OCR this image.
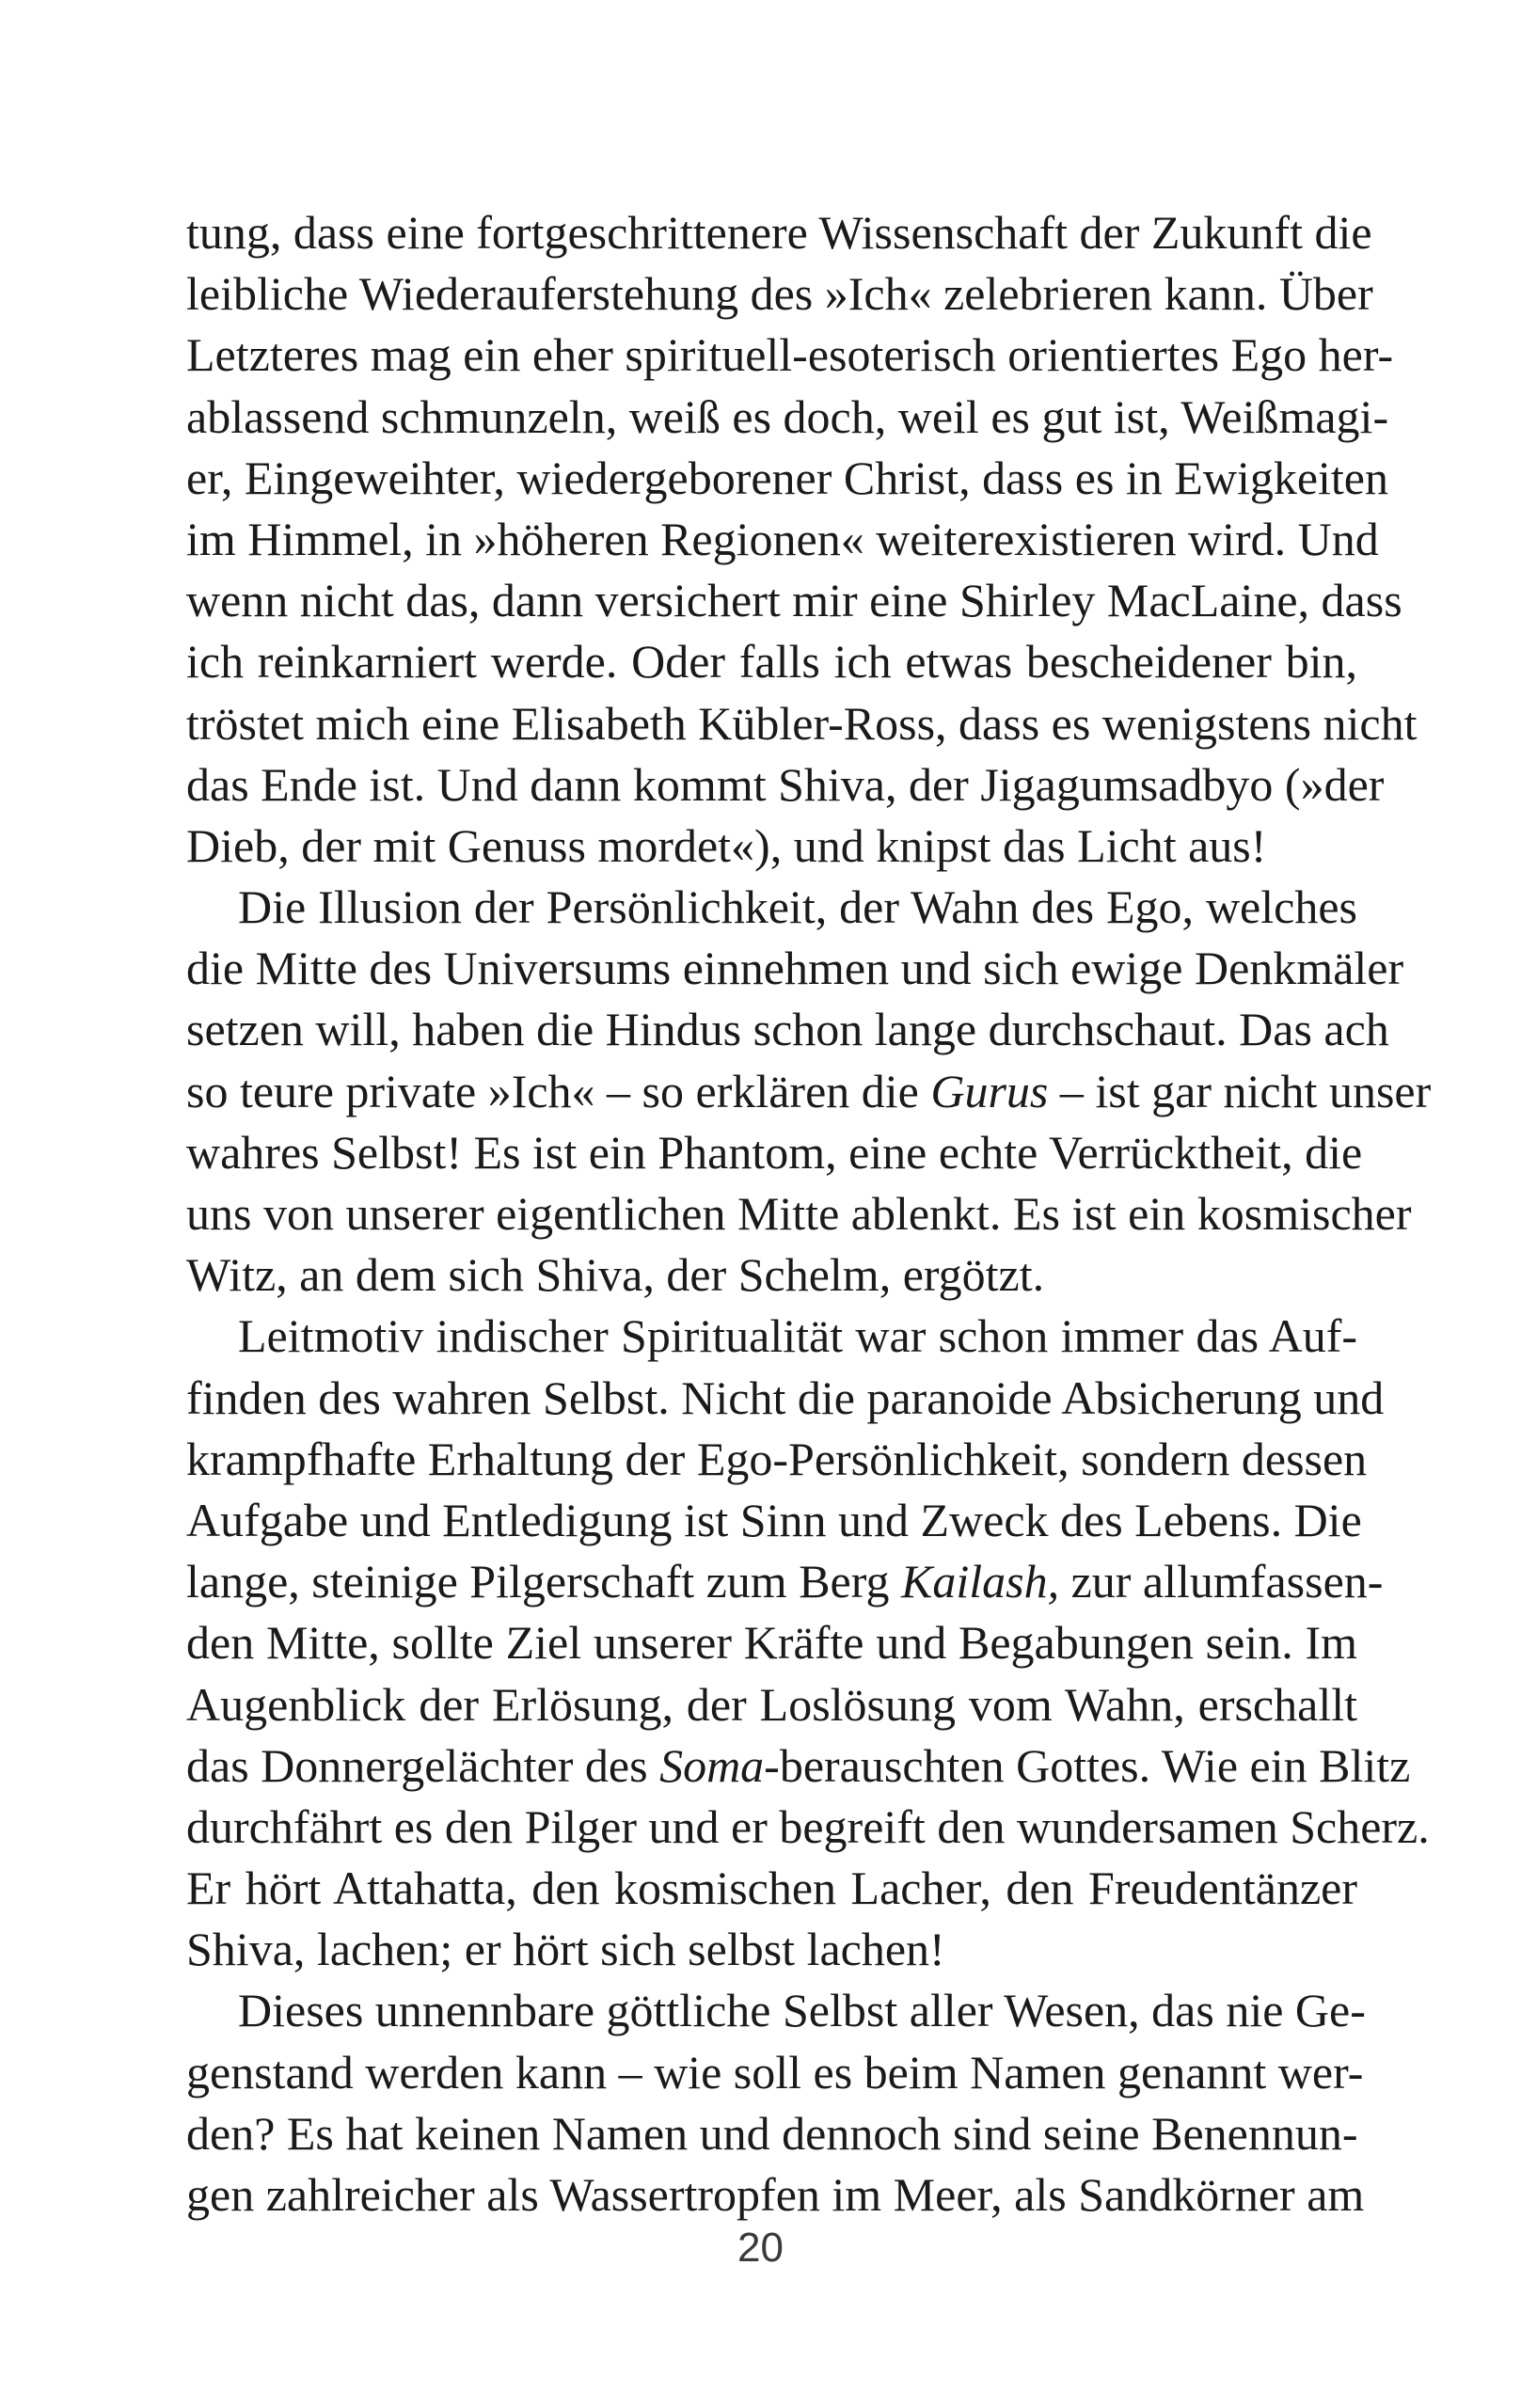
tung, dass eine fortgeschrittenere Wissenschaft der Zukunft die
leibliche Wiederauferstehung des »Ich« zelebrieren kann. Über
Letzteres mag ein eher spirituell-esoterisch orientiertes Ego her-
ablassend schmunzeln, weiß es doch, weil es gut ist, Weißmagi-
er, Eingeweihter, wiedergeborener Christ, dass es in Ewigkeiten
im Himmel, in »höheren Regionen« weiterexistieren wird. Und
wenn nicht das, dann versichert mir eine Shirley MacLaine, dass
ich reinkarniert werde. Oder falls ich etwas bescheidener bin,
tröstet mich eine Elisabeth Kübler-Ross, dass es wenigstens nicht
das Ende ist. Und dann kommt Shiva, der Jigagumsadbyo (»der
Dieb, der mit Genuss mordet«), und knipst das Licht aus!
Die Illusion der Persönlichkeit, der Wahn des Ego, welches
die Mitte des Universums einnehmen und sich ewige Denkmäler
setzen will, haben die Hindus schon lange durchschaut. Das ach
so teure private »Ich« – so erklären die Gurus – ist gar nicht unser
wahres Selbst! Es ist ein Phantom, eine echte Verrücktheit, die
uns von unserer eigentlichen Mitte ablenkt. Es ist ein kosmischer
Witz, an dem sich Shiva, der Schelm, ergötzt.
Leitmotiv indischer Spiritualität war schon immer das Auf-
finden des wahren Selbst. Nicht die paranoide Absicherung und
krampfhafte Erhaltung der Ego-Persönlichkeit, sondern dessen
Aufgabe und Entledigung ist Sinn und Zweck des Lebens. Die
lange, steinige Pilgerschaft zum Berg Kailash, zur allumfassen-
den Mitte, sollte Ziel unserer Kräfte und Begabungen sein. Im
Augenblick der Erlösung, der Loslösung vom Wahn, erschallt
das Donnergelächter des Soma-berauschten Gottes. Wie ein Blitz
durchfährt es den Pilger und er begreift den wundersamen Scherz.
Er hört Attahatta, den kosmischen Lacher, den Freudentänzer
Shiva, lachen; er hört sich selbst lachen!
Dieses unnennbare göttliche Selbst aller Wesen, das nie Ge-
genstand werden kann – wie soll es beim Namen genannt wer-
den? Es hat keinen Namen und dennoch sind seine Benennun-
gen zahlreicher als Wassertropfen im Meer, als Sandkörner am
20
